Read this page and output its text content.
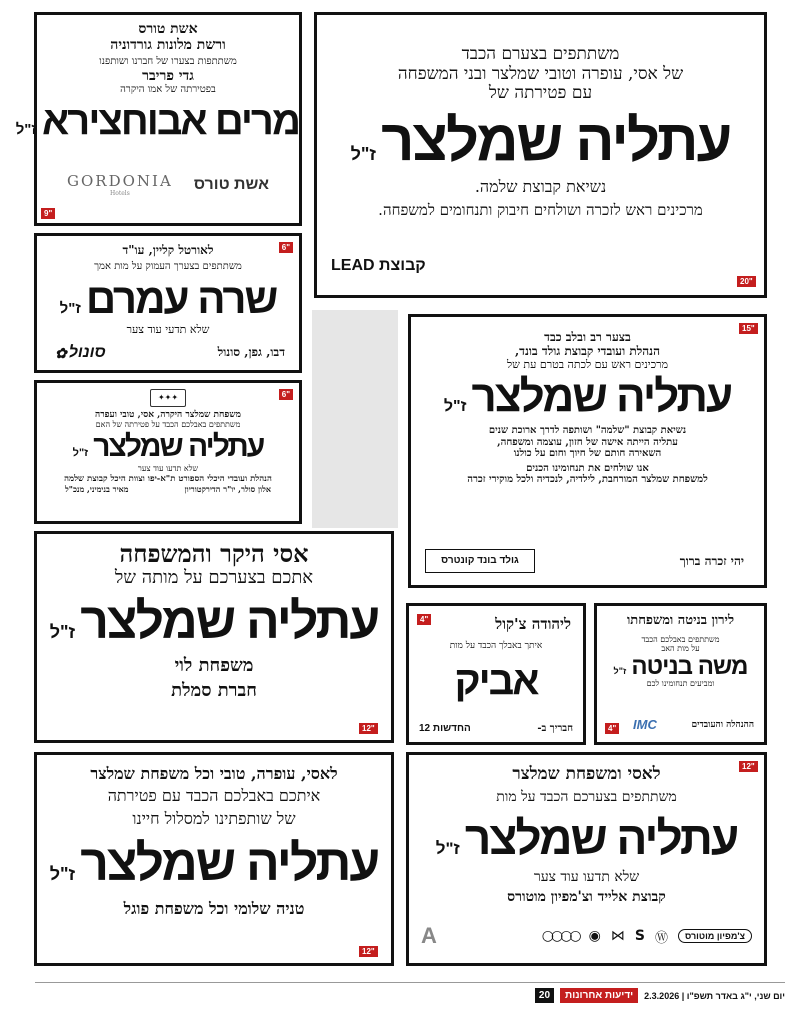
אשת טורס
ורשת מלונות גורדוניה
משתתפות בצערו של חברנו ושותפנו
גדי פריבר
בפטירתה של אמו היקרה
מרים אבוחצירא ז"ל
אשת טורס
GORDONIA
Hotels
9"
משתתפים בצערם הכבד
של אסי, עופרה וטובי שמלצר ובני המשפחה
עם פטירתה של
עתליה שמלצר ז"ל
נשיאת קבוצת שלמה.
מרכינים ראש לזכרה ושולחים חיבוק ותנחומים למשפחה.
קבוצת LEAD
20"
לאורטל קליין, עו"ד
משתתפים בצערך העמוק על מות אמך
שרה עמרם ז"ל
שלא תדעי עוד צער
דבו, גפן, סונול
סונול
✿
6"
בצער רב ובלב כבד
הנהלת ועובדי קבוצת גולד בונד,
מרכינים ראש עם לכתה בטרם עת של
עתליה שמלצר ז"ל
נשיאת קבוצת "שלמה" ושותפה לדרך ארוכת שנים
עתליה הייתה אישה של חזון, עוצמה ומשפחה,
השאירה חותם של חיוך וחום על כולנו
אנו שולחים את תנחומינו הכנים
למשפחת שמלצר המורחבת, לילדיה, לנכדיה ולכל מוקירי זכרה
יהי זכרה ברוך
גולד בונד קונטרס
15"
✦✦✦
משפחת שמלצר היקרה, אסי, טובי ועפרה
משתתפים באבלכם הכבד על פטירתה של האם
עתליה שמלצר ז"ל
שלא תדעו עוד צער
הנהלת ועובדי היכלי הספורט ת"א-יפו וצוות היכל קבוצת שלמה
אלון סולר, יו"ר הדירקטוריון
מאיר בנימיני, מנכ"ל
6"
אסי היקר והמשפחה
אתכם בצערכם על מותה של
עתליה שמלצר ז"ל
משפחת לוי
חברת סמלת
12"
ליהודה צ'קול
איתך באבלך הכבד על מות
אביק
חבריך ב-
החדשות 12
4"	לירון בניטה ומשפחתו
משתתפים באבלכם הכבד
על מות האב
משה בניטה ז"ל
ומביעים תנחומינו לכם
ההנהלה והעובדים
IMC
4"
לאסי, עופרה, טובי וכל משפחת שמלצר
איתכם באבלכם הכבד עם פטירתה
של שותפתינו למסלול חיינו
עתליה שמלצר ז"ל
טניה שלומי וכל משפחת פוגל
12"
לאסי ומשפחת שמלצר
משתתפים בצערכם הכבד על מות
עתליה שמלצר ז"ל
שלא תדעו עוד צער
קבוצת אלייד וצ'מפיון מוטורס
A	○○○○ ◉ ⋈ S Ⓦ	צ'מפיון מוטורס
12"
20	ידיעות אחרונות	יום שני, י"ג באדר תשפ"ו | 2.3.2026
